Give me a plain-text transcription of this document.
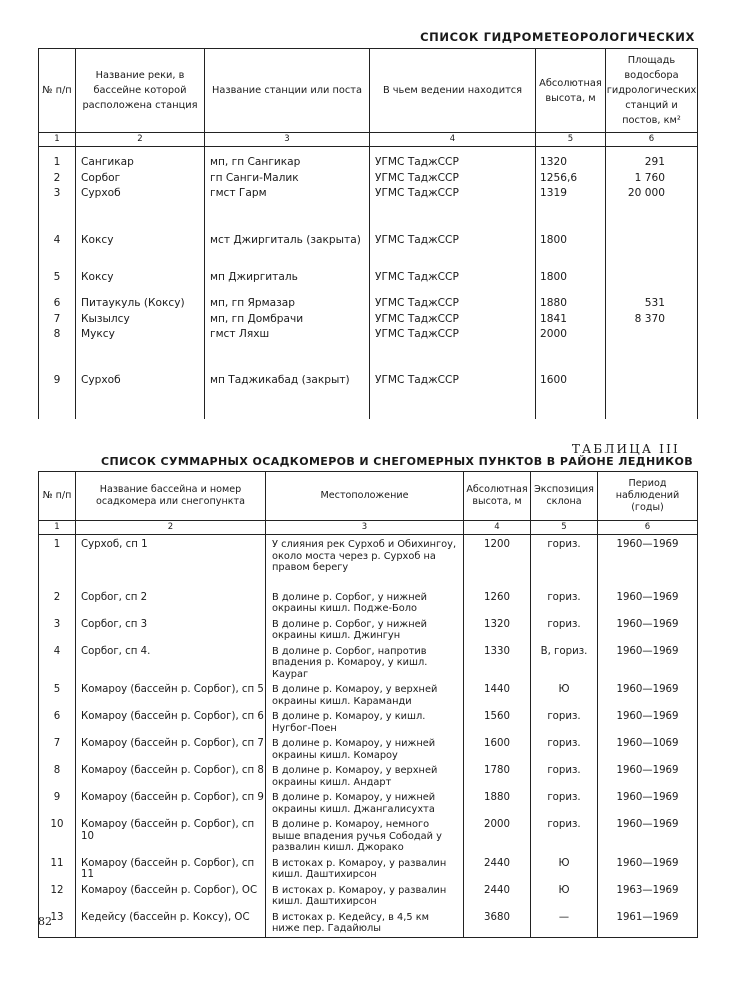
СПИСОК ГИДРОМЕТЕОРОЛОГИЧЕСКИХ
№ п/п	Название реки, в бассейне которой расположена станция	Название станции или поста	В чьем ведении находится	Абсолютная высота, м	Площадь водосбора гидрологических станций и постов, км²
1	2	3	4	5	6

1	Сангикар	мп, гп Сангикар	УГМС ТаджССР	1320	291
2	Сорбог	гп Санги-Малик	УГМС ТаджССР	1256,6	1 760
3	Сурхоб	гмст Гарм	УГМС ТаджССР	1319	20 000
4	Коксу	мст Джиргиталь (закрыта)	УГМС ТаджССР	1800	
5	Коксу	мп Джиргиталь	УГМС ТаджССР	1800	
6	Питаукуль (Коксу)	мп, гп Ярмазар	УГМС ТаджССР	1880	531
7	Кызылсу	мп, гп Домбрачи	УГМС ТаджССР	1841	8 370
8	Муксу	гмст Ляхш	УГМС ТаджССР	2000	
9	Сурхоб	мп Таджикабад (закрыт)	УГМС ТаджССР	1600	
ТАБЛИЦА III
СПИСОК СУММАРНЫХ ОСАДКОМЕРОВ И СНЕГОМЕРНЫХ ПУНКТОВ В РАЙОНЕ ЛЕДНИКОВ
№ п/п	Название бассейна и номер осадкомера или снегопункта	Местоположение	Абсолютная высота, м	Экспозиция склона	Период наблюдений (годы)
1	2	3	4	5	6
1	Сурхоб, сп 1	У слияния рек Сурхоб и Обихингоу, около моста через р. Сурхоб на правом берегу	1200	гориз.	1960—1969
2	Сорбог, сп 2	В долине р. Сорбог, у нижней окраины кишл. Подже-Боло	1260	гориз.	1960—1969
3	Сорбог, сп 3	В долине р. Сорбог, у нижней окраины кишл. Джингун	1320	гориз.	1960—1969
4	Сорбог, сп 4.	В долине р. Сорбог, напротив впадения р. Комароу, у кишл. Кауpaг	1330	В, гориз.	1960—1969
5	Комароу (бассейн р. Сорбог), сп 5	В долине р. Комароу, у верхней окраины кишл. Караманди	1440	Ю	1960—1969
6	Комароу (бассейн р. Сорбог), сп 6	В долине р. Комароу, у кишл. Нугбог-Поен	1560	гориз.	1960—1969
7	Комароу (бассейн р. Сорбог), сп 7	В долине р. Комароу, у нижней окраины кишл. Комароу	1600	гориз.	1960—1069
8	Комароу (бассейн р. Сорбог), сп 8	В долине р. Комароу, у верхней окраины кишл. Андарт	1780	гориз.	1960—1969
9	Комароу (бассейн р. Сорбог), сп 9	В долине р. Комароу, у нижней окраины кишл. Джангалисухта	1880	гориз.	1960—1969
10	Комароу (бассейн р. Сорбог), сп 10	В долине р. Комароу, немного выше впадения ручья Сободай у развалин кишл. Джорако	2000	гориз.	1960—1969
11	Комароу (бассейн р. Сорбог), сп 11	В истоках р. Комароу, у развалин кишл. Даштихирсон	2440	Ю	1960—1969
12	Комароу (бассейн р. Сорбог), ОС	В истоках р. Комароу, у развалин кишл. Даштихирсон	2440	Ю	1963—1969
13	Кедейсу (бассейн р. Коксу), ОС	В истоках р. Кедейсу, в 4,5 км ниже пер. Гадайюлы	3680	—	1961—1969
82
